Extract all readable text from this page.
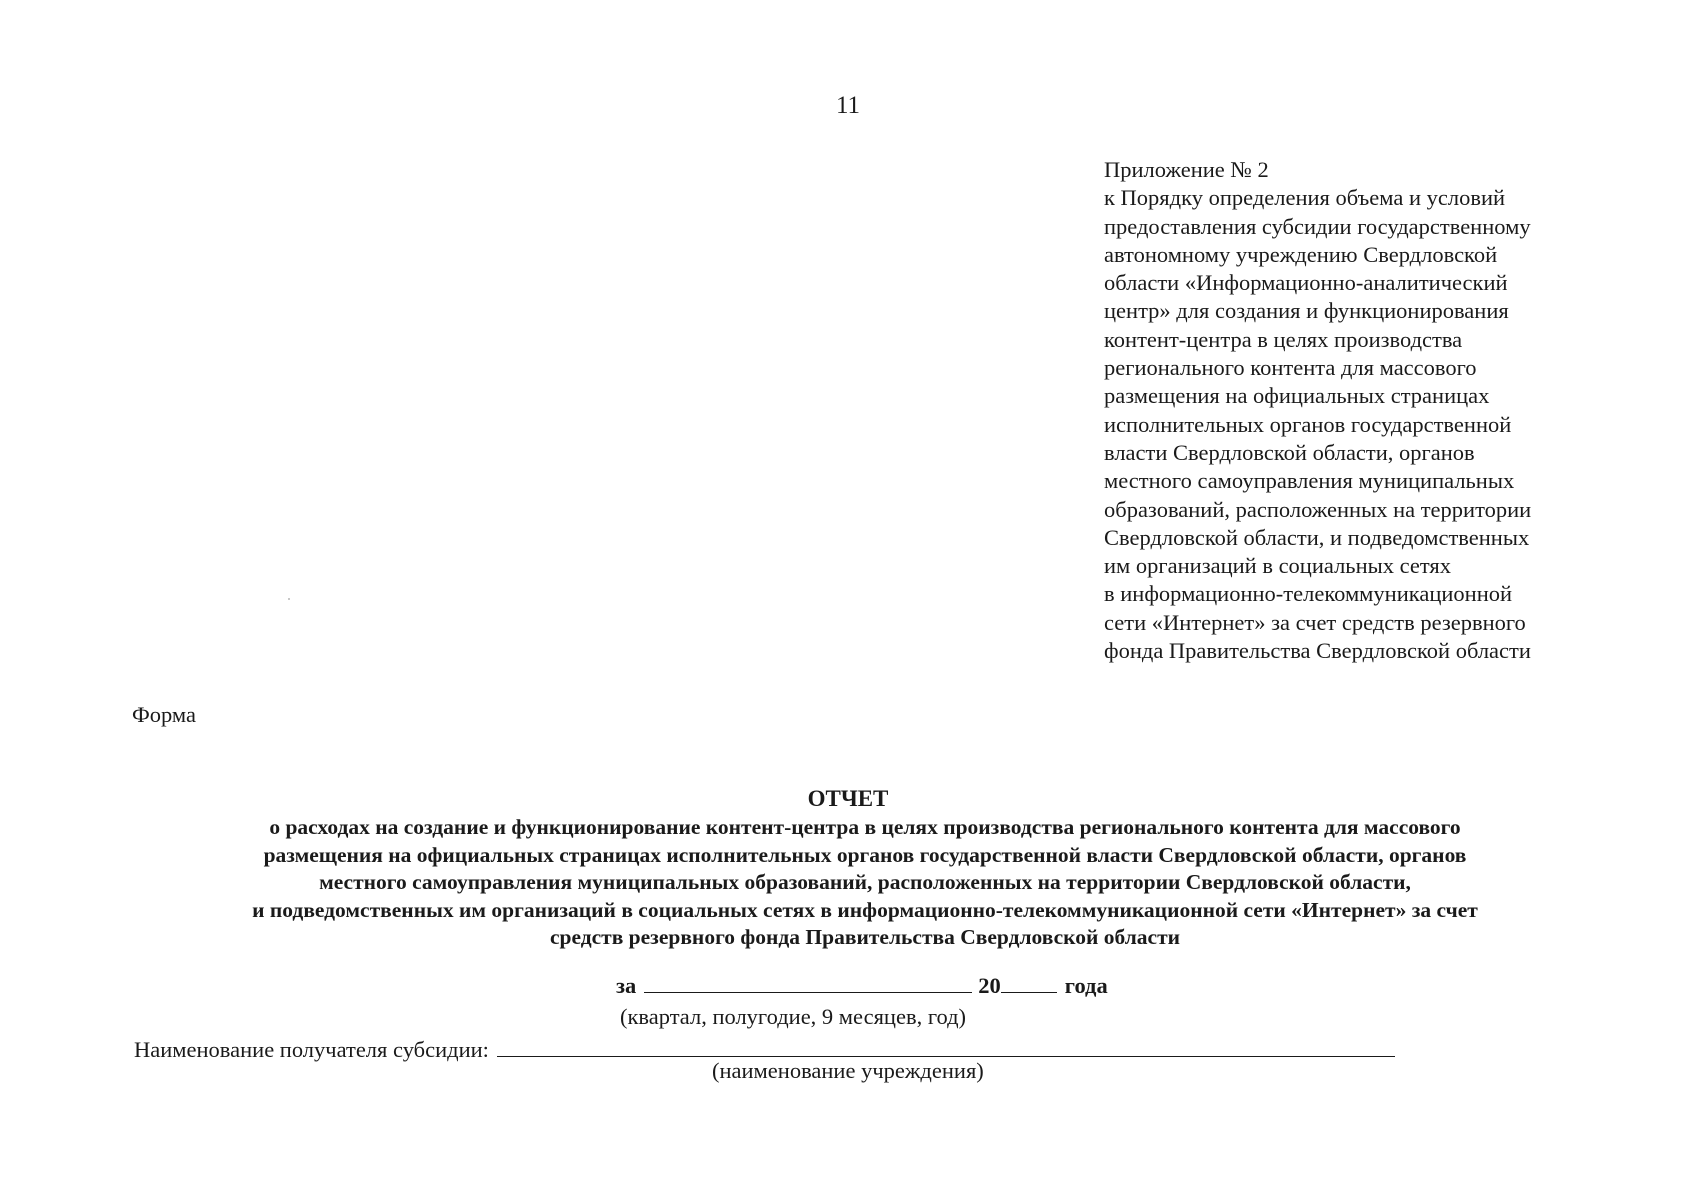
11
Приложение № 2
к Порядку определения объема и условий
предоставления субсидии государственному
автономному учреждению Свердловской
области «Информационно-аналитический
центр» для создания и функционирования
контент-центра в целях производства
регионального контента для массового
размещения на официальных страницах
исполнительных органов государственной
власти Свердловской области, органов
местного самоуправления муниципальных
образований, расположенных на территории
Свердловской области, и подведомственных
им организаций в социальных сетях
в информационно-телекоммуникационной
сети «Интернет» за счет средств резервного
фонда Правительства Свердловской области
Форма
ОТЧЕТ
о расходах на создание и функционирование контент-центра в целях производства регионального контента для массового
размещения на официальных страницах исполнительных органов государственной власти Свердловской области, органов
местного самоуправления муниципальных образований, расположенных на территории Свердловской области,
и подведомственных им организаций в социальных сетях в информационно-телекоммуникационной сети «Интернет» за счет
средств резервного фонда Правительства Свердловской области
за	20	года
(квартал, полугодие, 9 месяцев, год)
Наименование получателя субсидии:
(наименование учреждения)
